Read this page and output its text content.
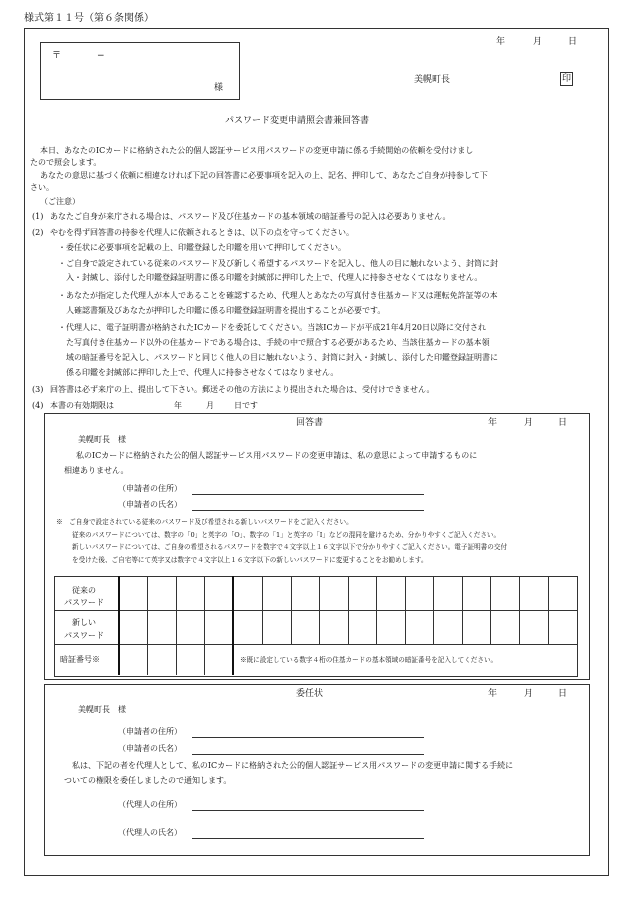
様式第１１号（第６条関係）
年	月	日
〒	−
様
美幌町長	印
パスワード変更申請照会書兼回答書
本日、あなたのICカードに格納された公的個人認証サービス用パスワードの変更申請に係る手続開始の依頼を受付けまし
たので照会します。
あなたの意思に基づく依頼に相違なければ下記の回答書に必要事項を記入の上、記名、押印して、あなたご自身が持参して下
さい。
（ご注意）
(1) あなたご自身が来庁される場合は、パスワード及び住基カードの基本領域の暗証番号の記入は必要ありません。
(2) やむを得ず回答書の持参を代理人に依頼されるときは、以下の点を守ってください。
・委任状に必要事項を記載の上、印鑑登録した印鑑を用いて押印してください。
・ご自身で設定されている従来のパスワード及び新しく希望するパスワードを記入し、他人の目に触れないよう、封筒に封
入・封緘し、添付した印鑑登録証明書に係る印鑑を封緘部に押印した上で、代理人に持参させなくてはなりません。
・あなたが指定した代理人が本人であることを確認するため、代理人とあなたの写真付き住基カード又は運転免許証等の本
人確認書類及びあなたが押印した印鑑に係る印鑑登録証明書を提出することが必要です。
・代理人に、電子証明書が格納されたICカードを委託してください。当該ICカードが平成21年4月20日以降に交付され
た写真付き住基カード以外の住基カードである場合は、手続の中で照合する必要があるため、当該住基カードの基本領
域の暗証番号を記入し、パスワードと同じく他人の目に触れないよう、封筒に封入・封緘し、添付した印鑑登録証明書に
係る印鑑を封緘部に押印した上で、代理人に持参させなくてはなりません。
(3) 回答書は必ず来庁の上、提出して下さい。郵送その他の方法により提出された場合は、受付けできません。
(4) 本書の有効期限は	年	月	日です
回答書	年	月	日
美幌町長　様
私のICカードに格納された公的個人認証サービス用パスワードの変更申請は、私の意思によって申請するものに
相違ありません。
（申請者の住所）
（申請者の氏名）
※　ご自身で設定されている従来のパスワード及び希望される新しいパスワードをご記入ください。
従来のパスワードについては、数字の「0」と英字の「O」、数字の「1」と英字の「I」などの混同を避けるため、分かりやすくご記入ください。
新しいパスワードについては、ご自身の希望されるパスワードを数字で４文字以上１６文字以下で分かりやすくご記入ください。電子証明書の交付
を受けた後、ご自宅等にて英字又は数字で４文字以上１６文字以下の新しいパスワードに変更することをお勧めします。
従来の
パスワード
新しい
パスワード
暗証番号※	※既に設定している数字４桁の住基カードの基本領域の暗証番号を記入してください。
委任状	年	月	日
美幌町長　様
（申請者の住所）
（申請者の氏名）
私は、下記の者を代理人として、私のICカードに格納された公的個人認証サービス用パスワードの変更申請に関する手続に
ついての権限を委任しましたので通知します。
（代理人の住所）
（代理人の氏名）
